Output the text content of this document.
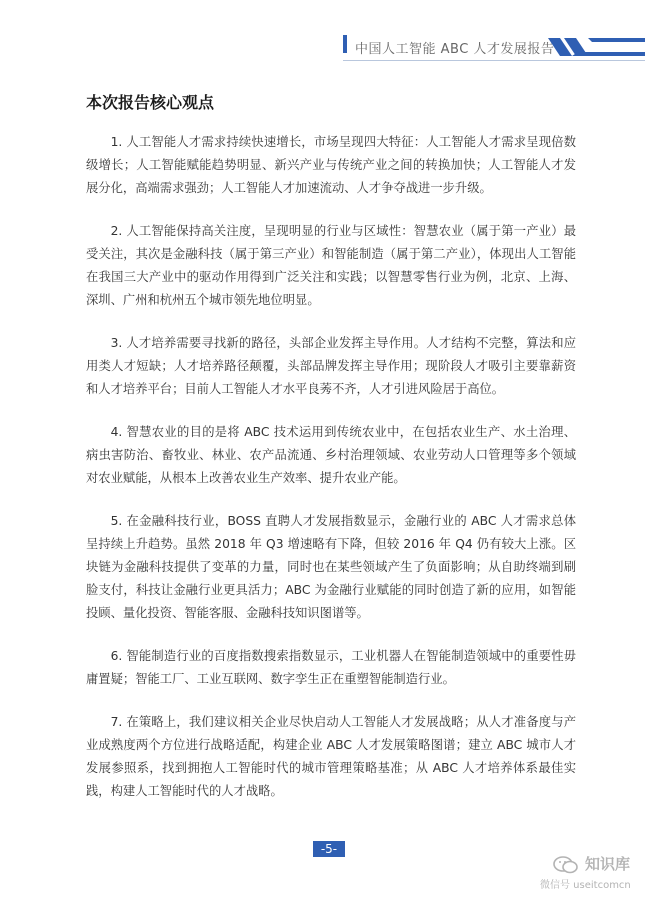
中国人工智能 ABC 人才发展报告
本次报告核心观点

1. 人工智能人才需求持续快速增长，市场呈现四大特征：人工智能人才需求呈现倍数级增长；人工智能赋能趋势明显、新兴产业与传统产业之间的转换加快；人工智能人才发展分化，高端需求强劲；人工智能人才加速流动、人才争夺战进一步升级。

2. 人工智能保持高关注度，呈现明显的行业与区域性：智慧农业（属于第一产业）最受关注，其次是金融科技（属于第三产业）和智能制造（属于第二产业），体现出人工智能在我国三大产业中的驱动作用得到广泛关注和实践；以智慧零售行业为例，北京、上海、深圳、广州和杭州五个城市领先地位明显。

3. 人才培养需要寻找新的路径，头部企业发挥主导作用。人才结构不完整，算法和应用类人才短缺；人才培养路径颠覆，头部品牌发挥主导作用；现阶段人才吸引主要靠薪资和人才培养平台；目前人工智能人才水平良莠不齐，人才引进风险居于高位。

4. 智慧农业的目的是将 ABC 技术运用到传统农业中，在包括农业生产、水土治理、病虫害防治、畜牧业、林业、农产品流通、乡村治理领域、农业劳动人口管理等多个领域对农业赋能，从根本上改善农业生产效率、提升农业产能。

5. 在金融科技行业，BOSS 直聘人才发展指数显示，金融行业的 ABC 人才需求总体呈持续上升趋势。虽然 2018 年 Q3 增速略有下降，但较 2016 年 Q4 仍有较大上涨。区块链为金融科技提供了变革的力量，同时也在某些领域产生了负面影响；从自助终端到刷脸支付，科技让金融行业更具活力；ABC 为金融行业赋能的同时创造了新的应用，如智能投顾、量化投资、智能客服、金融科技知识图谱等。

6. 智能制造行业的百度指数搜索指数显示，工业机器人在智能制造领域中的重要性毋庸置疑；智能工厂、工业互联网、数字孪生正在重塑智能制造行业。

7. 在策略上，我们建议相关企业尽快启动人工智能人才发展战略；从人才准备度与产业成熟度两个方位进行战略适配，构建企业 ABC 人才发展策略图谱；建立 ABC 城市人才发展参照系，找到拥抱人工智能时代的城市管理策略基准；从 ABC 人才培养体系最佳实践，构建人工智能时代的人才战略。

-5-
知识库
微信号 useitcomcn
